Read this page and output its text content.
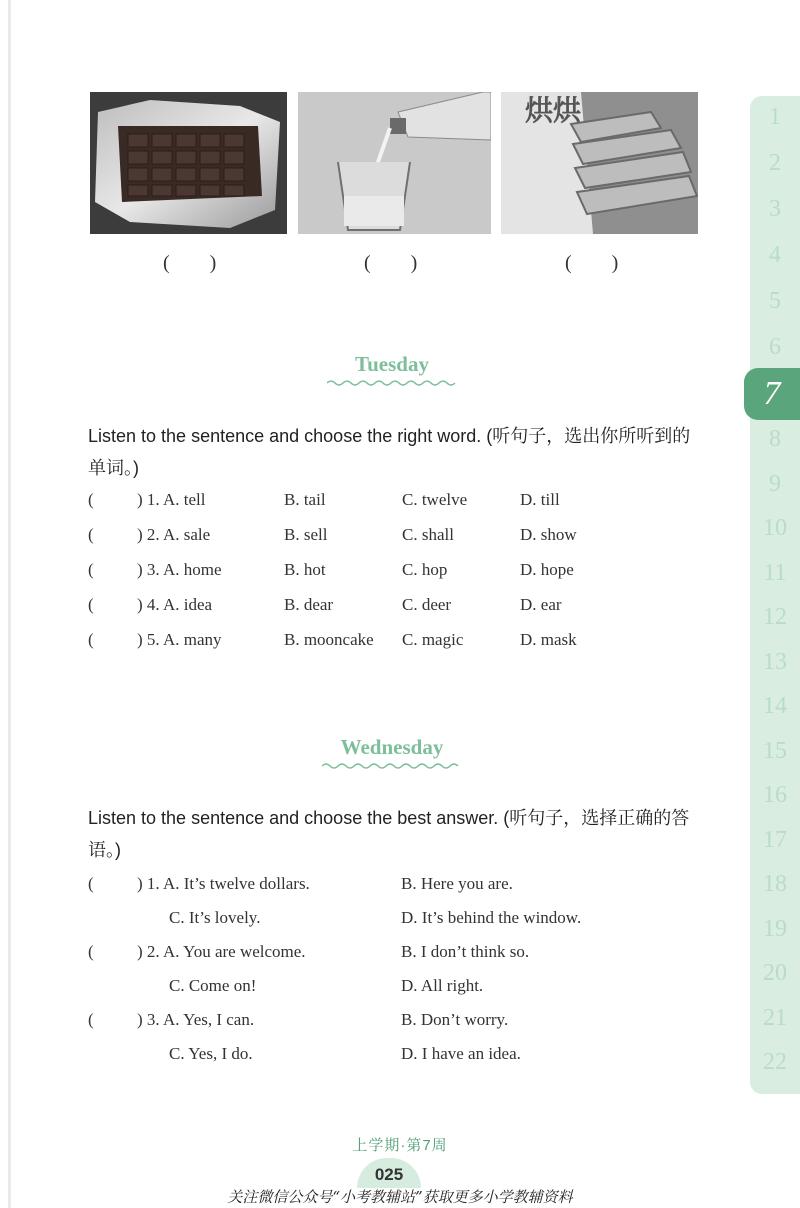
烘烘
(　　)	(　　)	(　　)
Tuesday
Listen to the sentence and choose the right word. (听句子，选出你所听到的单词。)
(	) 1. A. tell	B. tail	C. twelve	D. till
(	) 2. A. sale	B. sell	C. shall	D. show
(	) 3. A. home	B. hot	C. hop	D. hope
(	) 4. A. idea	B. dear	C. deer	D. ear
(	) 5. A. many	B. mooncake C. magic	D. mask
Wednesday
Listen to the sentence and choose the best answer. (听句子，选择正确的答语。)
(	) 1. A. It’s twelve dollars.	B. Here you are.
C. It’s lovely.	D. It’s behind the window.
(	) 2. A. You are welcome.	B. I don’t think so.
C. Come on!	D. All right.
(	) 3. A. Yes, I can.	B. Don’t worry.
C. Yes, I do.	D. I have an idea.
1
2
3
4
5
6
7
8
9
10
11
12
13
14
15
16
17
18
19
20
21
22
上学期·第7周
025
关注微信公众号“小考教辅站”获取更多小学教辅资料
